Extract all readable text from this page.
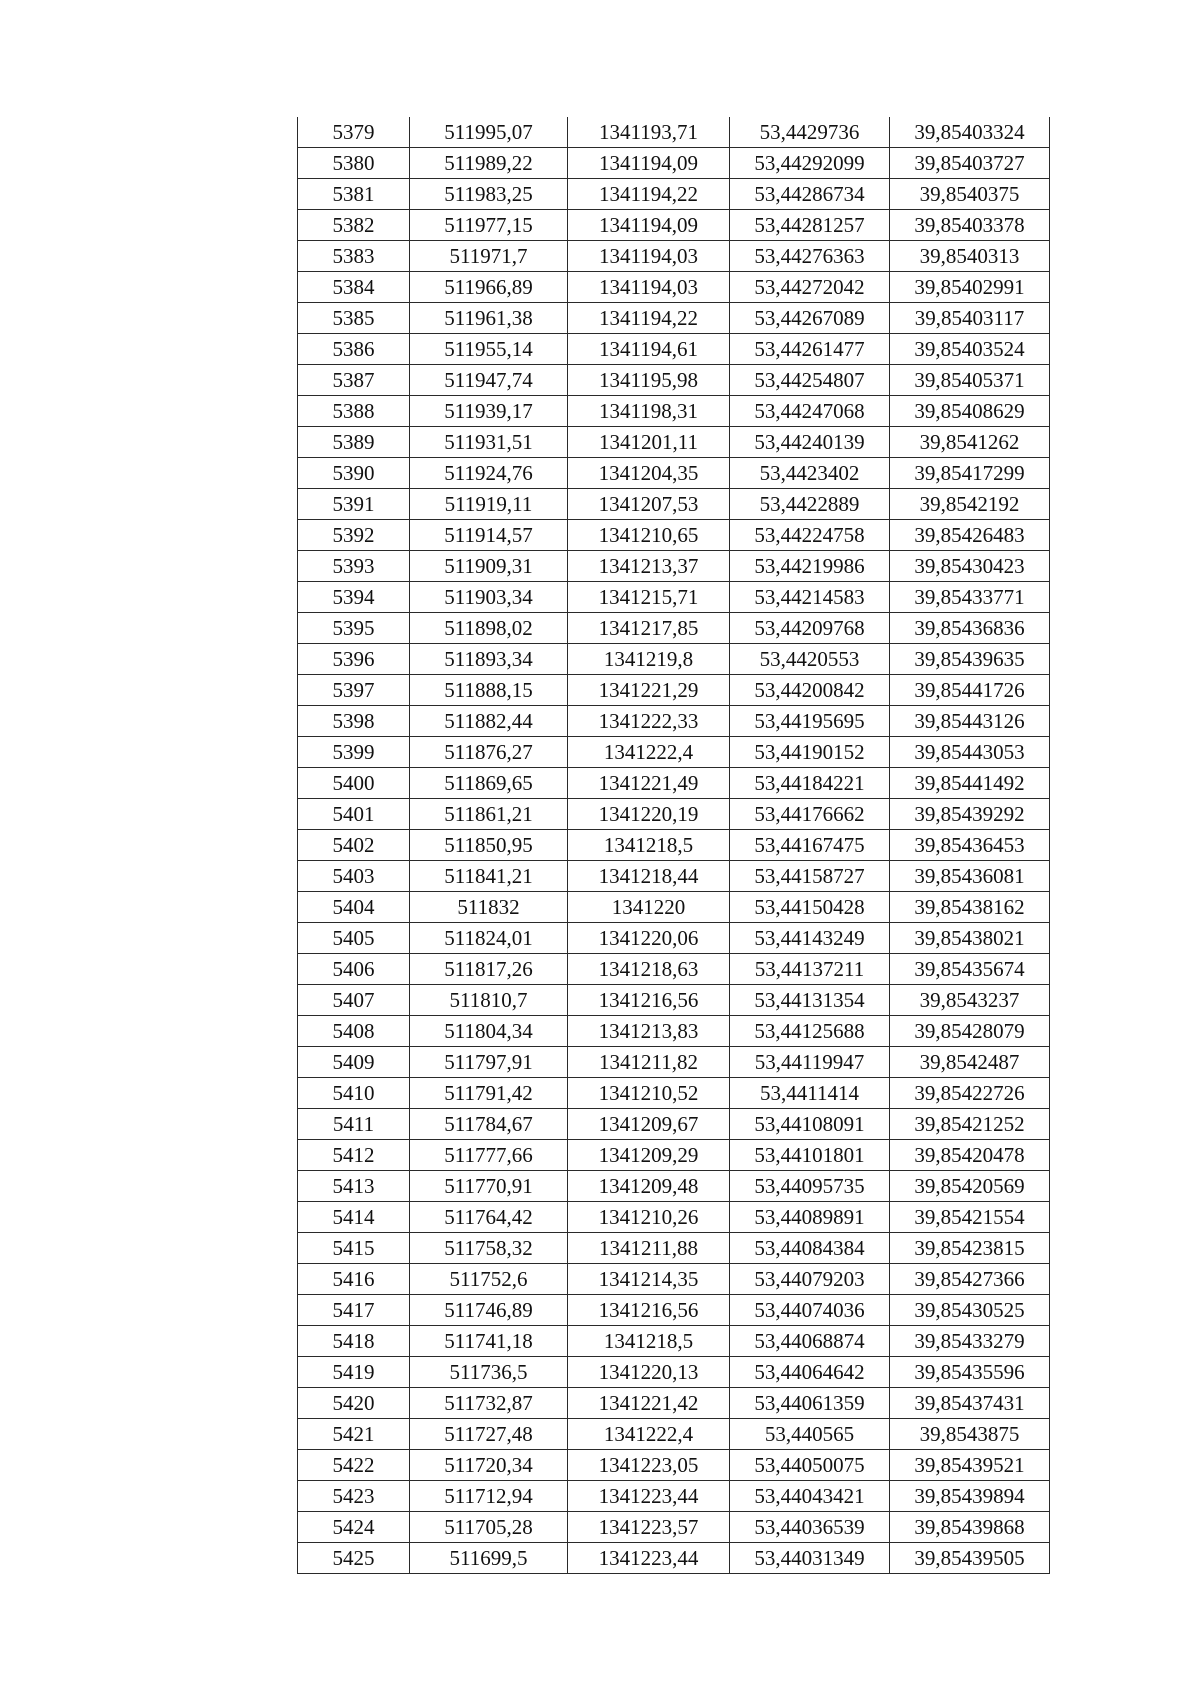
5379	511995,07	1341193,71	53,4429736	39,85403324
5380	511989,22	1341194,09	53,44292099	39,85403727
5381	511983,25	1341194,22	53,44286734	39,8540375
5382	511977,15	1341194,09	53,44281257	39,85403378
5383	511971,7	1341194,03	53,44276363	39,8540313
5384	511966,89	1341194,03	53,44272042	39,85402991
5385	511961,38	1341194,22	53,44267089	39,85403117
5386	511955,14	1341194,61	53,44261477	39,85403524
5387	511947,74	1341195,98	53,44254807	39,85405371
5388	511939,17	1341198,31	53,44247068	39,85408629
5389	511931,51	1341201,11	53,44240139	39,8541262
5390	511924,76	1341204,35	53,4423402	39,85417299
5391	511919,11	1341207,53	53,4422889	39,8542192
5392	511914,57	1341210,65	53,44224758	39,85426483
5393	511909,31	1341213,37	53,44219986	39,85430423
5394	511903,34	1341215,71	53,44214583	39,85433771
5395	511898,02	1341217,85	53,44209768	39,85436836
5396	511893,34	1341219,8	53,4420553	39,85439635
5397	511888,15	1341221,29	53,44200842	39,85441726
5398	511882,44	1341222,33	53,44195695	39,85443126
5399	511876,27	1341222,4	53,44190152	39,85443053
5400	511869,65	1341221,49	53,44184221	39,85441492
5401	511861,21	1341220,19	53,44176662	39,85439292
5402	511850,95	1341218,5	53,44167475	39,85436453
5403	511841,21	1341218,44	53,44158727	39,85436081
5404	511832	1341220	53,44150428	39,85438162
5405	511824,01	1341220,06	53,44143249	39,85438021
5406	511817,26	1341218,63	53,44137211	39,85435674
5407	511810,7	1341216,56	53,44131354	39,8543237
5408	511804,34	1341213,83	53,44125688	39,85428079
5409	511797,91	1341211,82	53,44119947	39,8542487
5410	511791,42	1341210,52	53,4411414	39,85422726
5411	511784,67	1341209,67	53,44108091	39,85421252
5412	511777,66	1341209,29	53,44101801	39,85420478
5413	511770,91	1341209,48	53,44095735	39,85420569
5414	511764,42	1341210,26	53,44089891	39,85421554
5415	511758,32	1341211,88	53,44084384	39,85423815
5416	511752,6	1341214,35	53,44079203	39,85427366
5417	511746,89	1341216,56	53,44074036	39,85430525
5418	511741,18	1341218,5	53,44068874	39,85433279
5419	511736,5	1341220,13	53,44064642	39,85435596
5420	511732,87	1341221,42	53,44061359	39,85437431
5421	511727,48	1341222,4	53,440565	39,8543875
5422	511720,34	1341223,05	53,44050075	39,85439521
5423	511712,94	1341223,44	53,44043421	39,85439894
5424	511705,28	1341223,57	53,44036539	39,85439868
5425	511699,5	1341223,44	53,44031349	39,85439505
